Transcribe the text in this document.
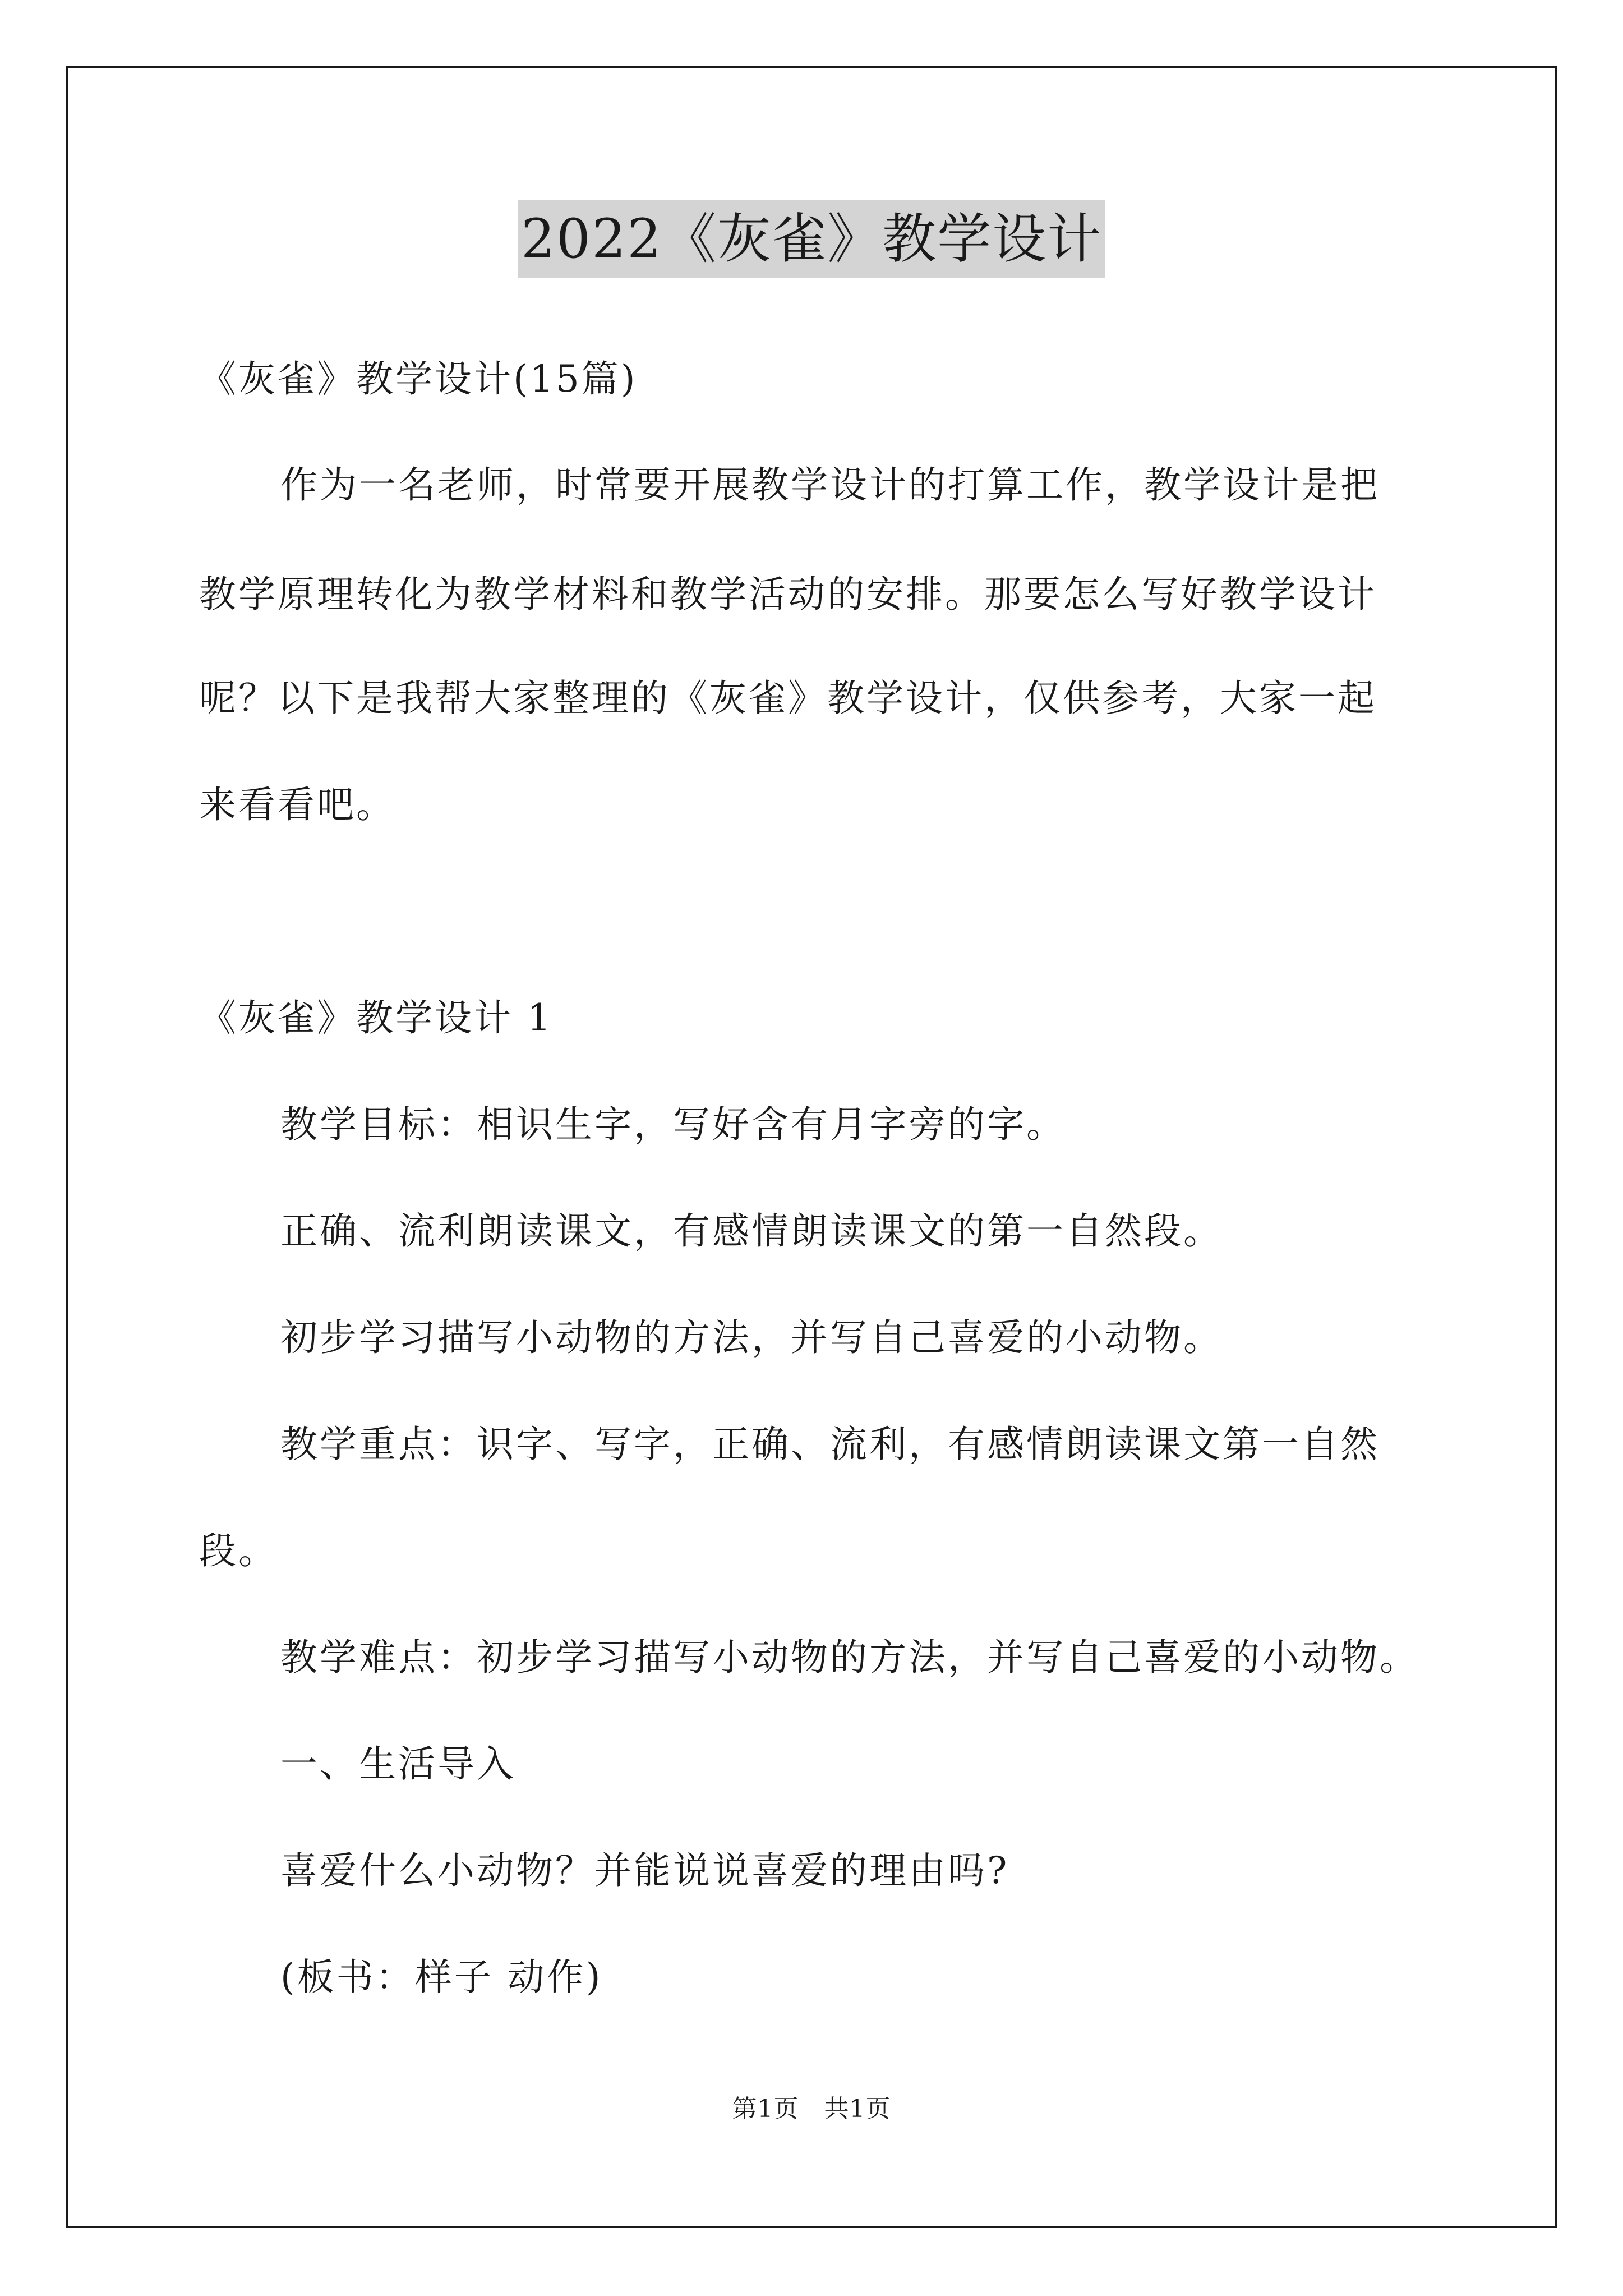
2022《灰雀》教学设计
《灰雀》教学设计(15篇)
作为一名老师，时常要开展教学设计的打算工作，教学设计是把
教学原理转化为教学材料和教学活动的安排。那要怎么写好教学设计
呢？以下是我帮大家整理的《灰雀》教学设计，仅供参考，大家一起
来看看吧。
《灰雀》教学设计 1
教学目标：相识生字，写好含有月字旁的字。
正确、流利朗读课文，有感情朗读课文的第一自然段。
初步学习描写小动物的方法，并写自己喜爱的小动物。
教学重点：识字、写字，正确、流利，有感情朗读课文第一自然
段。
教学难点：初步学习描写小动物的方法，并写自己喜爱的小动物。
一、生活导入
喜爱什么小动物？并能说说喜爱的理由吗?
(板书：样子 动作)
第1页　共1页
